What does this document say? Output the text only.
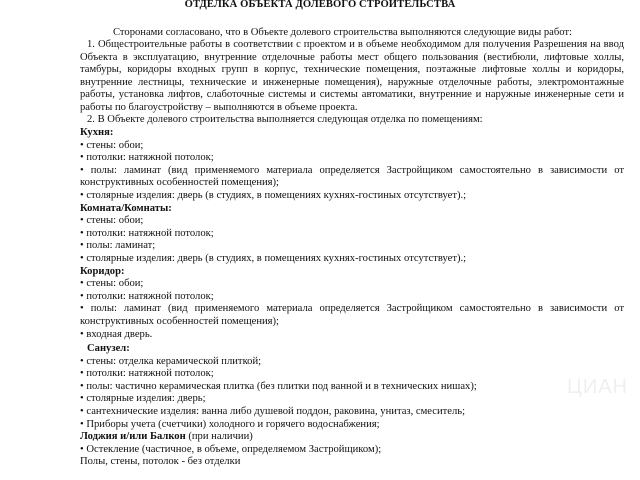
ОТДЕЛКА ОБЪЕКТА ДОЛЕВОГО СТРОИТЕЛЬСТВА
Сторонами согласовано, что в Объекте долевого строительства выполняются следующие виды работ:
1. Общестроительные работы в соответствии с проектом и в объеме необходимом для получения Разрешения на ввод Объекта в эксплуатацию, внутренние отделочные работы мест общего пользования (вестибюли, лифтовые холлы, тамбуры, коридоры входных групп в корпус, технические помещения, поэтажные лифтовые холлы и коридоры, внутренние лестницы, технические и инженерные помещения), наружные отделочные работы, электромонтажные работы, установка лифтов, слаботочные системы и системы автоматики, внутренние и наружные инженерные сети и работы по благоустройству – выполняются в объеме проекта.
2. В Объекте долевого строительства выполняется следующая отделка по помещениям:
Кухня:
• стены: обои;
• потолки: натяжной потолок;
• полы: ламинат (вид применяемого материала определяется Застройщиком самостоятельно в зависимости от конструктивных особенностей помещения);
• столярные изделия: дверь (в студиях, в помещениях кухнях-гостиных отсутствует).;
Комната/Комнаты:
• стены: обои;
• потолки: натяжной потолок;
• полы: ламинат;
• столярные изделия: дверь (в студиях, в помещениях кухнях-гостиных отсутствует).;
Коридор:
• стены: обои;
• потолки: натяжной потолок;
• полы: ламинат (вид применяемого материала определяется Застройщиком самостоятельно в зависимости от конструктивных особенностей помещения);
• входная дверь.
Санузел:
• стены: отделка керамической плиткой;
• потолки: натяжной потолок;
• полы: частично керамическая плитка (без плитки под ванной и в технических нишах);
• столярные изделия: дверь;
• сантехнические изделия: ванна либо душевой поддон, раковина, унитаз, смеситель;
• Приборы учета (счетчики) холодного и горячего водоснабжения;
Лоджия и/или Балкон (при наличии)
• Остекление (частичное, в объеме, определяемом Застройщиком);
Полы, стены, потолок - без отделки
ЦИАН
